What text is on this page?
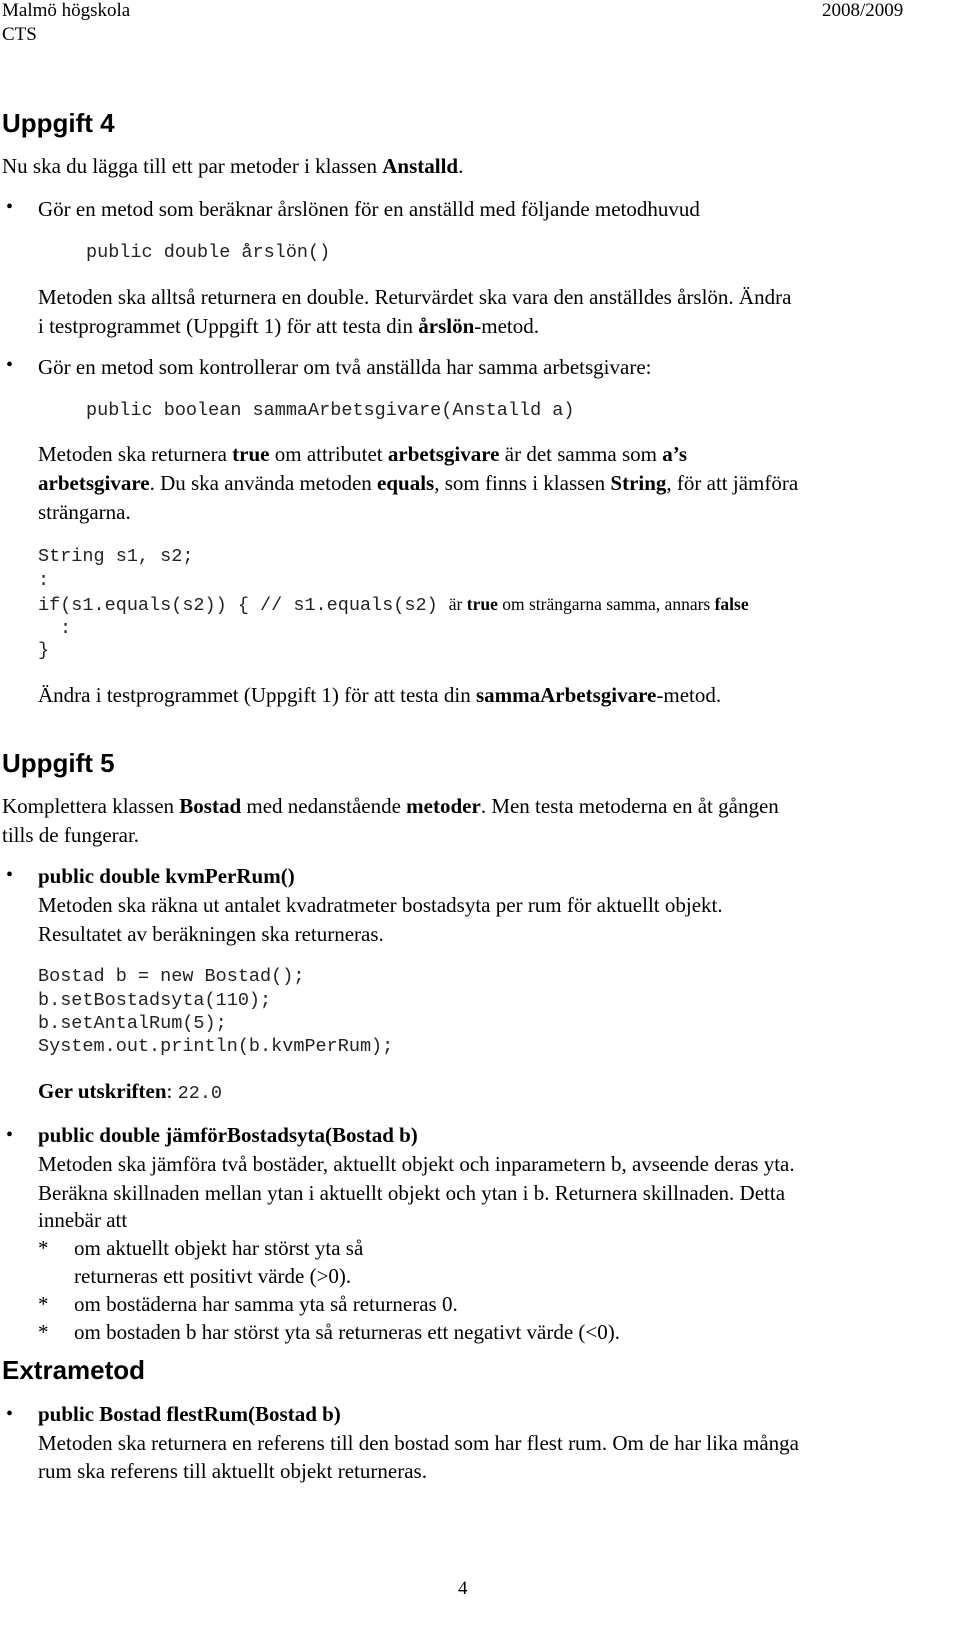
Malmö högskola
CTS
2008/2009
Uppgift 4
Nu ska du lägga till ett par metoder i klassen Anstalld.
• Gör en metod som beräknar årslönen för en anställd med följande metodhuvud
public double årslön()
Metoden ska alltså returnera en double. Returvärdet ska vara den anställdes årslön. Ändra
i testprogrammet (Uppgift 1) för att testa din årslön-metod.
• Gör en metod som kontrollerar om två anställda har samma arbetsgivare:
public boolean sammaArbetsgivare(Anstalld a)
Metoden ska returnera true om attributet arbetsgivare är det samma som a’s
arbetsgivare. Du ska använda metoden equals, som finns i klassen String, för att jämföra
strängarna.
String s1, s2;
:
if(s1.equals(s2)) { // s1.equals(s2) är true om strängarna samma, annars false
:
}
Ändra i testprogrammet (Uppgift 1) för att testa din sammaArbetsgivare-metod.
Uppgift 5
Komplettera klassen Bostad med nedanstående metoder. Men testa metoderna en åt gången
tills de fungerar.
• public double kvmPerRum()
Metoden ska räkna ut antalet kvadratmeter bostadsyta per rum för aktuellt objekt.
Resultatet av beräkningen ska returneras.
Bostad b = new Bostad();
b.setBostadsyta(110);
b.setAntalRum(5);
System.out.println(b.kvmPerRum);
Ger utskriften: 22.0
• public double jämförBostadsyta(Bostad b)
Metoden ska jämföra två bostäder, aktuellt objekt och inparametern b, avseende deras yta.
Beräkna skillnaden mellan ytan i aktuellt objekt och ytan i b. Returnera skillnaden. Detta
innebär att
* om aktuellt objekt har störst yta så
returneras ett positivt värde (>0).
* om bostäderna har samma yta så returneras 0.
* om bostaden b har störst yta så returneras ett negativt värde (<0).
Extrametod
• public Bostad flestRum(Bostad b)
Metoden ska returnera en referens till den bostad som har flest rum. Om de har lika många
rum ska referens till aktuellt objekt returneras.
4
